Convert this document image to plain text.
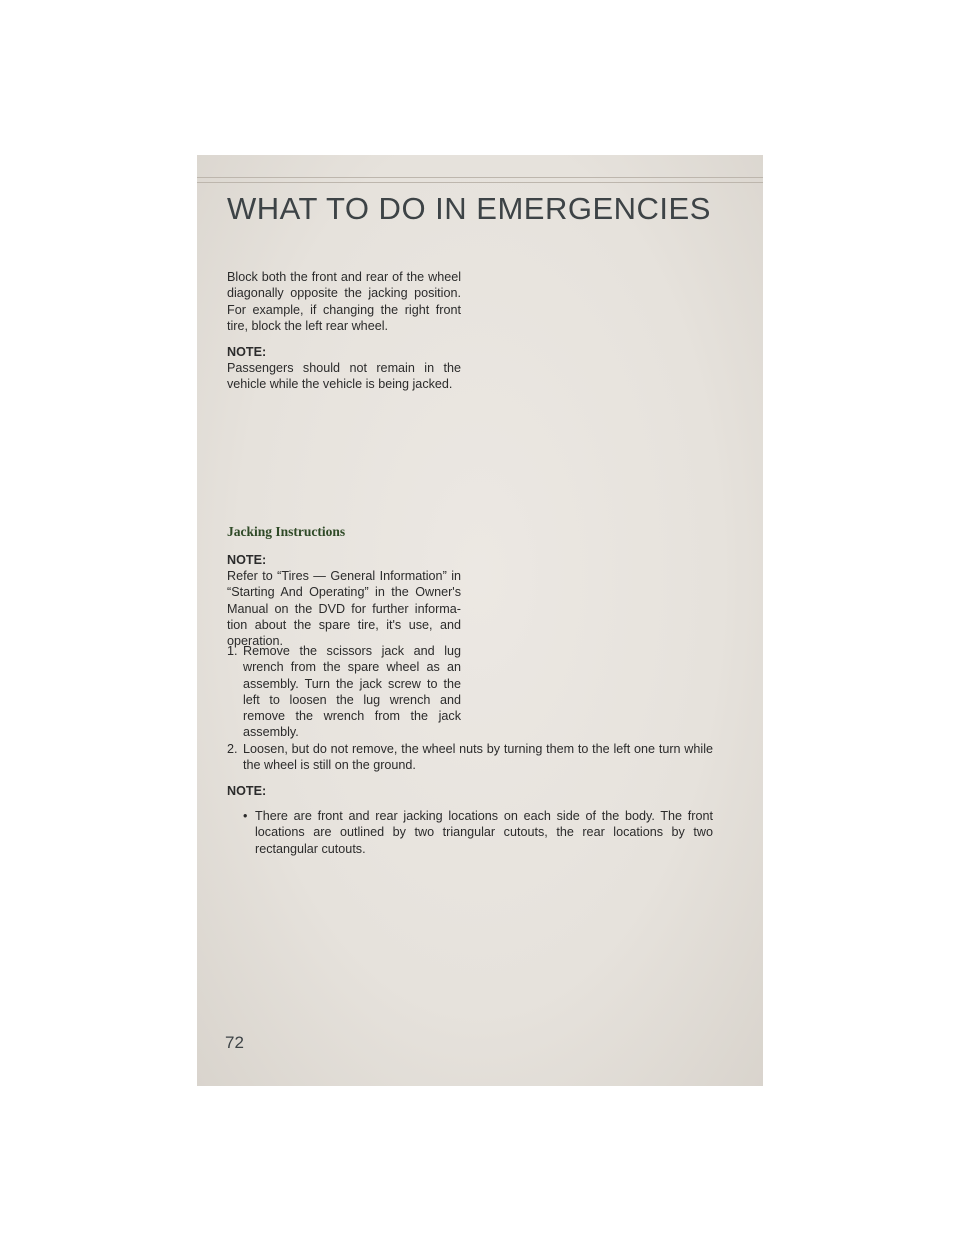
WHAT TO DO IN EMERGENCIES

Block both the front and rear of the wheel diagonally opposite the jacking position. For example, if changing the right front tire, block the left rear wheel.

NOTE:

Passengers should not remain in the vehicle while the vehicle is being jacked.

Jacking Instructions

NOTE:

Refer to “Tires — General Information” in “Starting And Operating” in the Owner's Manual on the DVD for further informa- tion about the spare tire, it's use, and operation.

1. Remove the scissors jack and lug wrench from the spare wheel as an assembly. Turn the jack screw to the left to loosen the lug wrench and remove the wrench from the jack assembly.

2. Loosen, but do not remove, the wheel nuts by turning them to the left one turn while the wheel is still on the ground.

NOTE:

• There are front and rear jacking locations on each side of the body. The front locations are outlined by two triangular cutouts, the rear locations by two rectangular cutouts.

72
